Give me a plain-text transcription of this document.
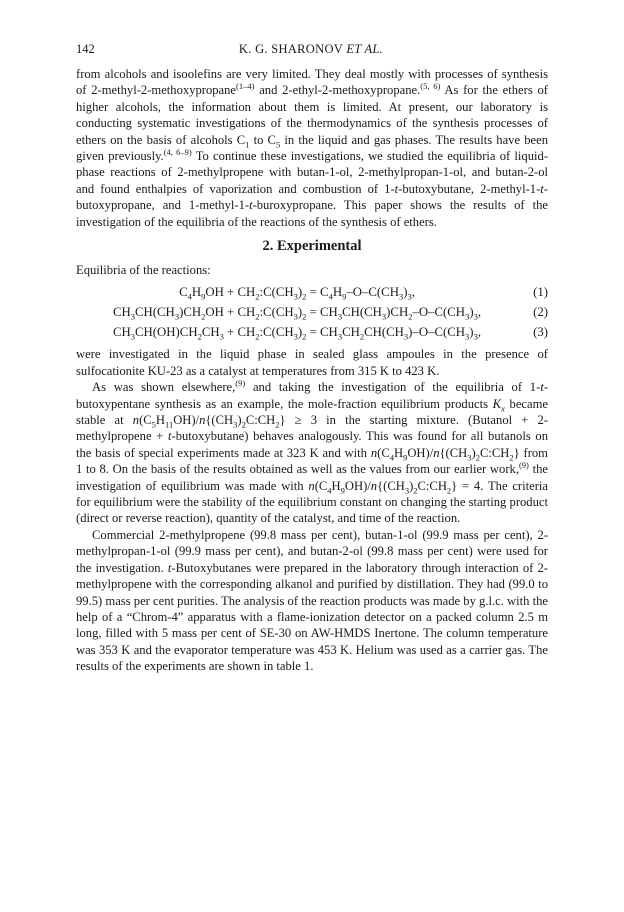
142	K. G. SHARONOV ET AL.

from alcohols and isoolefins are very limited. They deal mostly with processes of synthesis of 2-methyl-2-methoxypropane$^{(1-4)}$ and 2-ethyl-2-methoxypropane.$^{(5, 6)}$ As for the ethers of higher alcohols, the information about them is limited. At present, our laboratory is conducting systematic investigations of the thermodynamics of the synthesis processes of ethers on the basis of alcohols $C_1$ to $C_5$ in the liquid and gas phases. The results have been given previously.$^{(4, 6-9)}$ To continue these investigations, we studied the equilibria of liquid-phase reactions of 2-methylpropene with butan-1-ol, 2-methylpropan-1-ol, and butan-2-ol and found enthalpies of vaporization and combustion of 1-t-butoxybutane, 2-methyl-1-t-butoxypropane, and 1-methyl-1-t-buroxypropane. This paper shows the results of the investigation of the equilibria of the reactions of the synthesis of ethers.

2. Experimental

Equilibria of the reactions:

$C_4H_9OH$ + $CH_2:C(CH_3)_2 = C_4H_9-O-C(CH_3)_3$,	(1)
$CH_3CH(CH_3)CH_2OH$ + $CH_2:C(CH_3)_2 = CH_3CH(CH_3)CH_2-O-C(CH_3)_3$,	(2)
$CH_3CH(OH)CH_2CH_3$ + $CH_2:C(CH_3)_2 = CH_3CH_2CH(CH_3)-O-C(CH_3)_3$,	(3)

were investigated in the liquid phase in sealed glass ampoules in the presence of sulfocationite KU-23 as a catalyst at temperatures from 315 K to 423 K.

As was shown elsewhere,$^{(9)}$ and taking the investigation of the equilibria of 1-t-butoxypentane synthesis as an example, the mole-fraction equilibrium products $K_x$ became stable at $n(C_5H_{11}OH)/n\{(CH_3)_2C:CH_2\} \ge 3$ in the starting mixture. (Butanol + 2-methylpropene + t-butoxybutane) behaves analogously. This was found for all butanols on the basis of special experiments made at 323 K and with $n(C_4H_9OH)/n\{(CH_3)_2C:CH_2\}$ from 1 to 8. On the basis of the results obtained as well as the values from our earlier work,$^{(9)}$ the investigation of equilibrium was made with $n(C_4H_9OH)/n\{(CH_3)_2C:CH_2\} = 4$. The criteria for equilibrium were the stability of the equilibrium constant on changing the starting product (direct or reverse reaction), quantity of the catalyst, and time of the reaction.

Commercial 2-methylpropene (99.8 mass per cent), butan-1-ol (99.9 mass per cent), 2-methylpropan-1-ol (99.9 mass per cent), and butan-2-ol (99.8 mass per cent) were used for the investigation. t-Butoxybutanes were prepared in the laboratory through interaction of 2-methylpropene with the corresponding alkanol and purified by distillation. They had (99.0 to 99.5) mass per cent purities. The analysis of the reaction products was made by g.l.c. with the help of a “Chrom-4” apparatus with a flame-ionization detector on a packed column 2.5 m long, filled with 5 mass per cent of SE-30 on AW-HMDS Inertone. The column temperature was 353 K and the evaporator temperature was 453 K. Helium was used as a carrier gas. The results of the experiments are shown in table 1.
